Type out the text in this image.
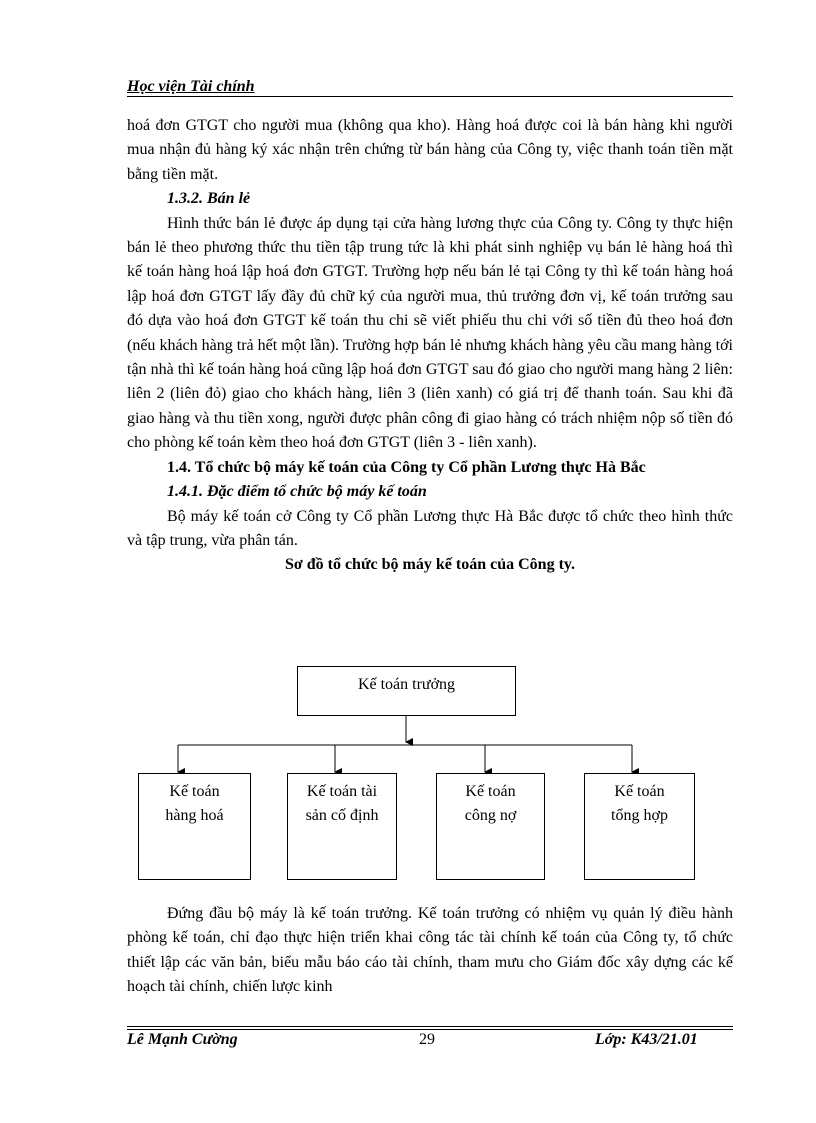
Học viện Tài chính

hoá đơn GTGT cho người mua (không qua kho). Hàng hoá được coi là bán hàng khi người mua nhận đủ hàng ký xác nhận trên chứng từ bán hàng của Công ty, việc thanh toán tiền mặt bằng tiền mặt.

1.3.2. Bán lẻ

Hình thức bán lẻ được áp dụng tại cửa hàng lương thực của Công ty. Công ty thực hiện bán lẻ theo phương thức thu tiền tập trung tức là khi phát sinh nghiệp vụ bán lẻ hàng hoá thì kế toán hàng hoá lập hoá đơn GTGT. Trường hợp nếu bán lẻ tại Công ty thì kế toán hàng hoá lập hoá đơn GTGT lấy đầy đủ chữ ký của người mua, thủ trưởng đơn vị, kế toán trưởng sau đó dựa vào hoá đơn GTGT kế toán thu chi sẽ viết phiếu thu chi với số tiền đủ theo hoá đơn (nếu khách hàng trả hết một lần). Trường hợp bán lẻ nhưng khách hàng yêu cầu mang hàng tới tận nhà thì kế toán hàng hoá cũng lập hoá đơn GTGT sau đó giao cho người mang hàng 2 liên: liên 2 (liên đỏ) giao cho khách hàng, liên 3 (liên xanh) có giá trị để thanh toán. Sau khi đã giao hàng và thu tiền xong, người được phân công đi giao hàng có trách nhiệm nộp số tiền đó cho phòng kế toán kèm theo hoá đơn GTGT (liên 3 - liên xanh).

1.4. Tổ chức bộ máy kế toán của Công ty Cổ phần Lương thực Hà Bắc

1.4.1. Đặc điểm tổ chức bộ máy kế toán

Bộ máy kế toán cở Công ty Cổ phần Lương thực Hà Bắc được tổ chức theo hình thức và tập trung, vừa phân tán.

Sơ đồ tổ chức bộ máy kế toán của Công ty.

Kế toán trưởng
Kế toán
hàng hoá
Kế toán tài
sản cố định
Kế toán
công nợ
Kế toán
tổng hợp

Đứng đầu bộ máy là kế toán trưởng. Kế toán trưởng có nhiệm vụ quản lý điều hành phòng kế toán, chỉ đạo thực hiện triển khai công tác tài chính kế toán của Công ty, tổ chức thiết lập các văn bản, biểu mẫu báo cáo tài chính, tham mưu cho Giám đốc xây dựng các kế hoạch tài chính, chiến lược kinh

Lê Mạnh Cường	29	Lớp: K43/21.01
